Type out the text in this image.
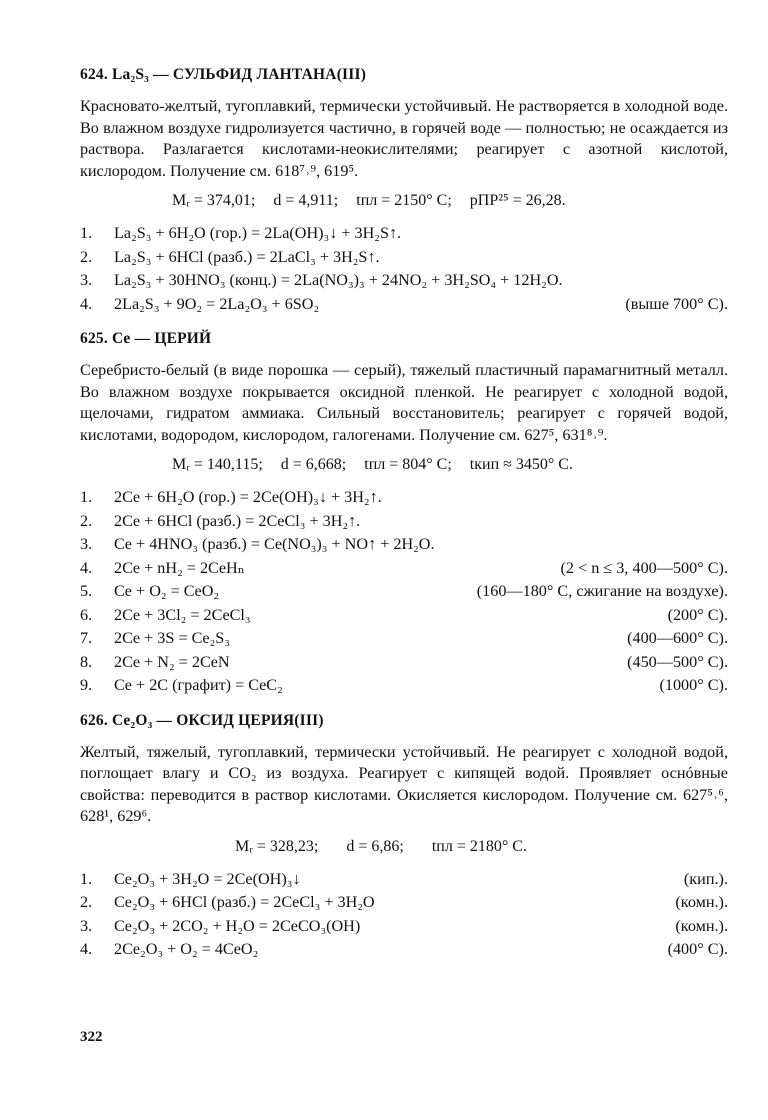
624. La₂S₃ — СУЛЬФИД ЛАНТАНА(III)

Красновато-желтый, тугоплавкий, термически устойчивый. Не растворяется в холодной воде. Во влажном воздухе гидролизуется частично, в горячей воде — полностью; не осаждается из раствора. Разлагается кислотами-неокислителями; реагирует с азотной кислотой, кислородом. Получение см. 618⁷˒⁹, 619⁵.

Mᵣ = 374,01; d = 4,911; tпл = 2150° C; рПР²⁵ = 26,28.
1.	La₂S₃ + 6H₂O (гор.) = 2La(OH)₃↓ + 3H₂S↑.
2.	La₂S₃ + 6HCl (разб.) = 2LaCl₃ + 3H₂S↑.
3.	La₂S₃ + 30HNO₃ (конц.) = 2La(NO₃)₃ + 24NO₂ + 3H₂SO₄ + 12H₂O.
4.	2La₂S₃ + 9O₂ = 2La₂O₃ + 6SO₂	(выше 700° C).
625. Ce — ЦЕРИЙ

Серебристо-белый (в виде порошка — серый), тяжелый пластичный парамагнитный металл. Во влажном воздухе покрывается оксидной пленкой. Не реагирует с холодной водой, щелочами, гидратом аммиака. Сильный восстановитель; реагирует с горячей водой, кислотами, водородом, кислородом, галогенами. Получение см. 627⁵, 631⁸˒⁹.

Mᵣ = 140,115; d = 6,668; tпл = 804° C; tкип ≈ 3450° C.
1.	2Ce + 6H₂O (гор.) = 2Ce(OH)₃↓ + 3H₂↑.
2.	2Ce + 6HCl (разб.) = 2CeCl₃ + 3H₂↑.
3.	Ce + 4HNO₃ (разб.) = Ce(NO₃)₃ + NO↑ + 2H₂O.
4.	2Ce + nH₂ = 2CeHₙ	(2 < n ≤ 3, 400—500° C).
5.	Ce + O₂ = CeO₂	(160—180° C, сжигание на воздухе).
6.	2Ce + 3Cl₂ = 2CeCl₃	(200° C).
7.	2Ce + 3S = Ce₂S₃	(400—600° C).
8.	2Ce + N₂ = 2CeN	(450—500° C).
9.	Ce + 2C (графит) = CeC₂	(1000° C).
626. Ce₂O₃ — ОКСИД ЦЕРИЯ(III)

Желтый, тяжелый, тугоплавкий, термически устойчивый. Не реагирует с холодной водой, поглощает влагу и CO₂ из воздуха. Реагирует с кипящей водой. Проявляет оснóвные свойства: переводится в раствор кислотами. Окисляется кислородом. Получение см. 627⁵˒⁶, 628¹, 629⁶.

Mᵣ = 328,23; d = 6,86; tпл = 2180° C.
1.	Ce₂O₃ + 3H₂O = 2Ce(OH)₃↓	(кип.).
2.	Ce₂O₃ + 6HCl (разб.) = 2CeCl₃ + 3H₂O	(комн.).
3.	Ce₂O₃ + 2CO₂ + H₂O = 2CeCO₃(OH)	(комн.).
4.	2Ce₂O₃ + O₂ = 4CeO₂	(400° C).
322
